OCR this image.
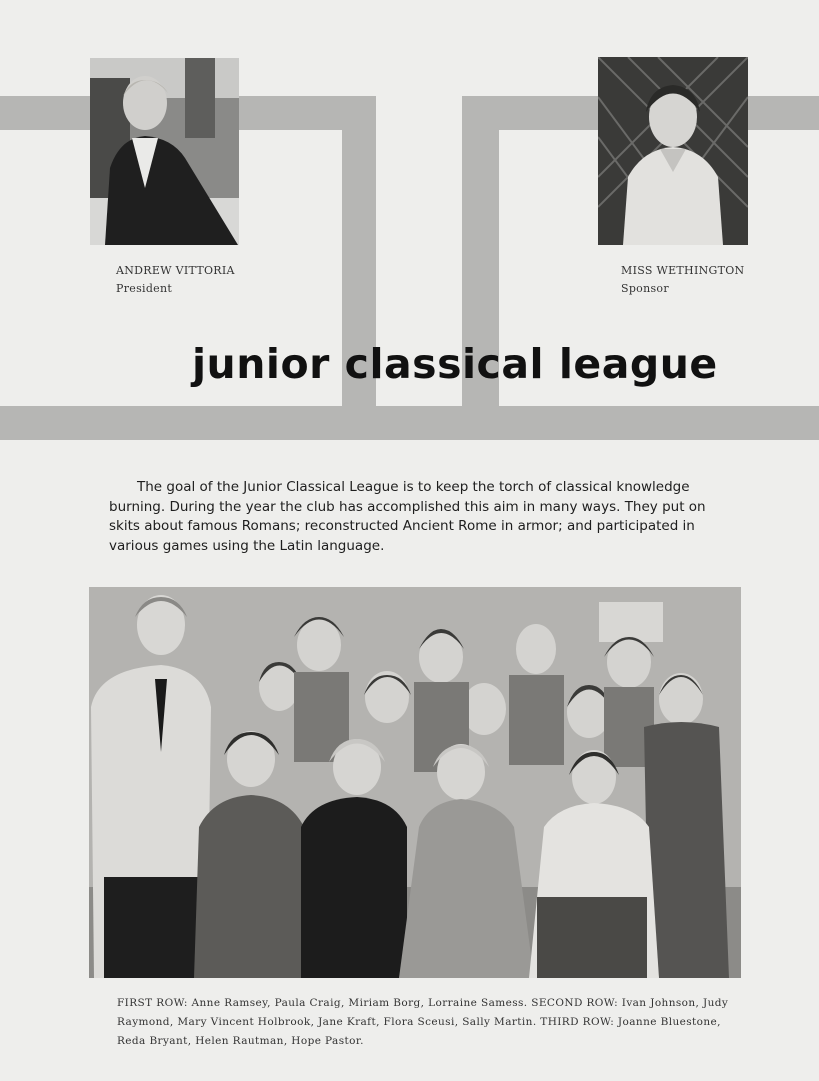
ANDREW VITTORIA
President
MISS WETHINGTON
Sponsor
junior classical league
The goal of the Junior Classical League is to keep the torch of classical knowledge burning. During the year the club has accomplished this aim in many ways. They put on skits about famous Romans; reconstructed Ancient Rome in armor; and participated in various games using the Latin language.
FIRST ROW: Anne Ramsey, Paula Craig, Miriam Borg, Lorraine Samess. SECOND ROW: Ivan Johnson, Judy Raymond, Mary Vincent Holbrook, Jane Kraft, Flora Sceusi, Sally Martin. THIRD ROW: Joanne Bluestone, Reda Bryant, Helen Rautman, Hope Pastor.
